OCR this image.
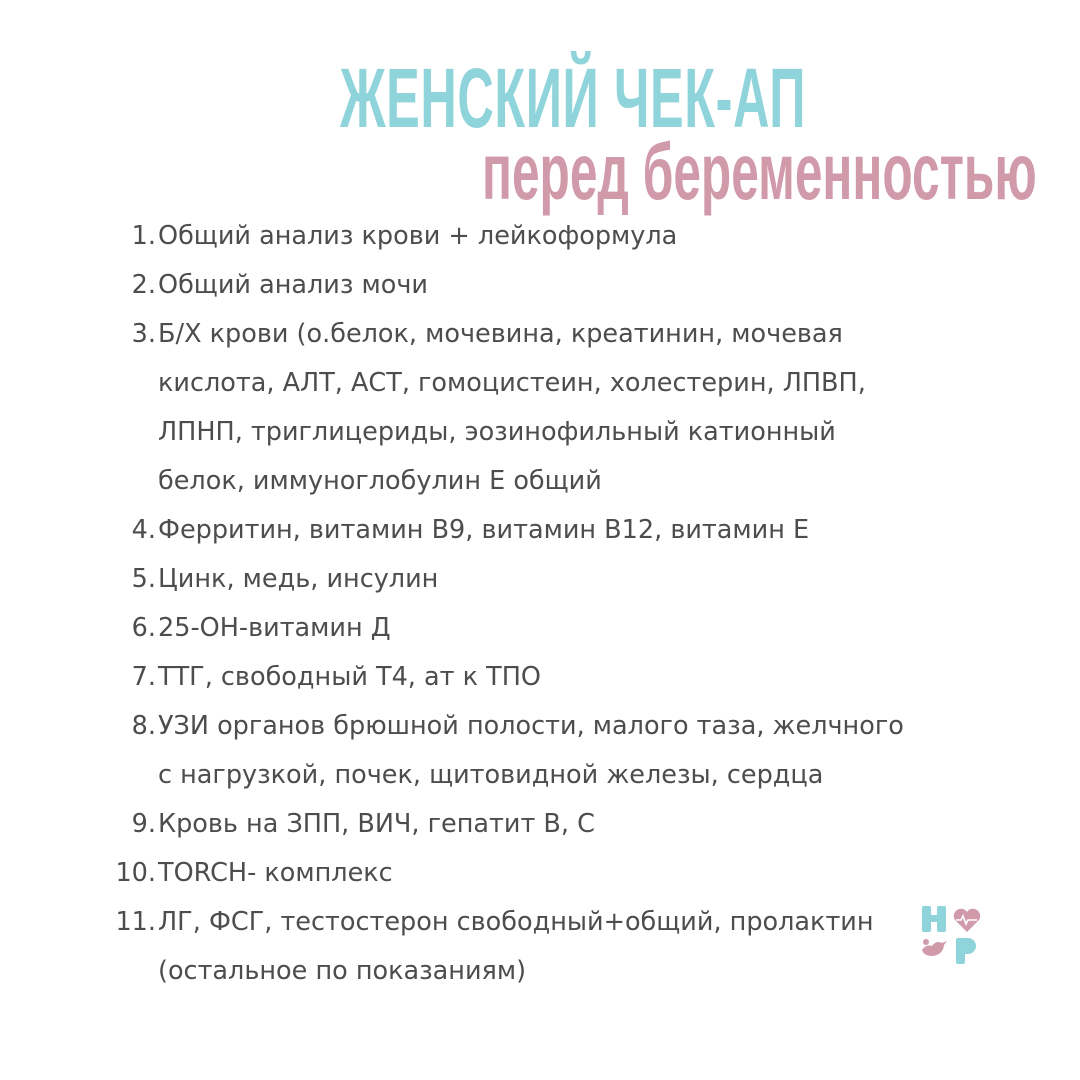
ЖЕНСКИЙ ЧЕК-АП
перед беременностью
1. Общий анализ крови + лейкоформула
2. Общий анализ мочи
3. Б/Х крови (о.белок, мочевина, креатинин, мочевая
кислота, АЛТ, АСТ, гомоцистеин, холестерин, ЛПВП,
ЛПНП, триглицериды, эозинофильный катионный
белок, иммуноглобулин Е общий
4. Ферритин, витамин В9, витамин В12, витамин Е
5. Цинк, медь, инсулин
6. 25-ОН-витамин Д
7. ТТГ, свободный Т4, ат к ТПО
8. УЗИ органов брюшной полости, малого таза, желчного
с нагрузкой, почек, щитовидной железы, сердца
9. Кровь на ЗПП, ВИЧ, гепатит В, С
10. TORCH- комплекс
11. ЛГ, ФСГ, тестостерон свободный+общий, пролактин
(остальное по показаниям)
